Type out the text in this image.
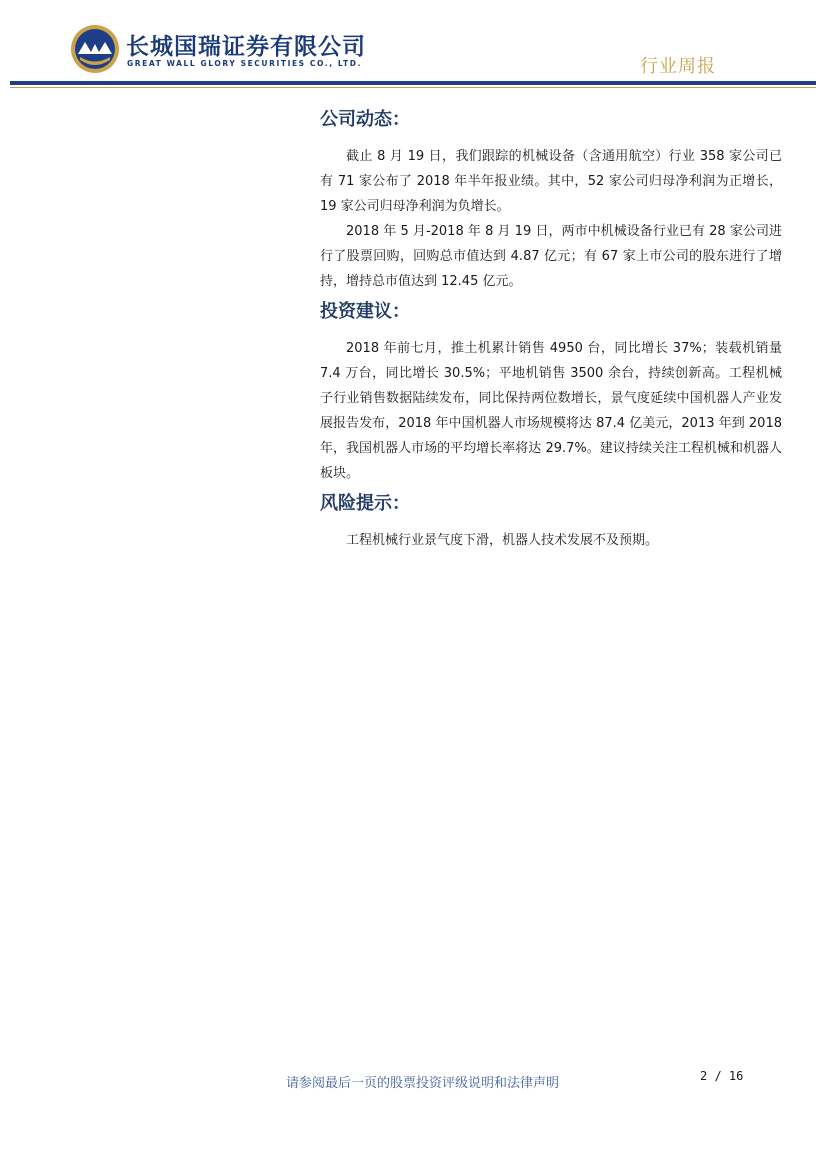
长城国瑞证券有限公司
GREAT WALL GLORY SECURITIES CO., LTD.	行业周报
公司动态：

截止 8 月 19 日，我们跟踪的机械设备（含通用航空）行业 358 家公司已有 71 家公布了 2018 年半年报业绩。其中，52 家公司归母净利润为正增长，19 家公司归母净利润为负增长。

2018 年 5 月-2018 年 8 月 19 日，两市中机械设备行业已有 28 家公司进行了股票回购，回购总市值达到 4.87 亿元；有 67 家上市公司的股东进行了增持，增持总市值达到 12.45 亿元。

投资建议：

2018 年前七月，推土机累计销售 4950 台，同比增长 37%；装载机销量 7.4 万台，同比增长 30.5%；平地机销售 3500 余台，持续创新高。工程机械子行业销售数据陆续发布，同比保持两位数增长，景气度延续中国机器人产业发展报告发布，2018 年中国机器人市场规模将达 87.4 亿美元，2013 年到 2018 年，我国机器人市场的平均增长率将达 29.7%。建议持续关注工程机械和机器人板块。

风险提示：

工程机械行业景气度下滑，机器人技术发展不及预期。

请参阅最后一页的股票投资评级说明和法律声明	2 / 16
